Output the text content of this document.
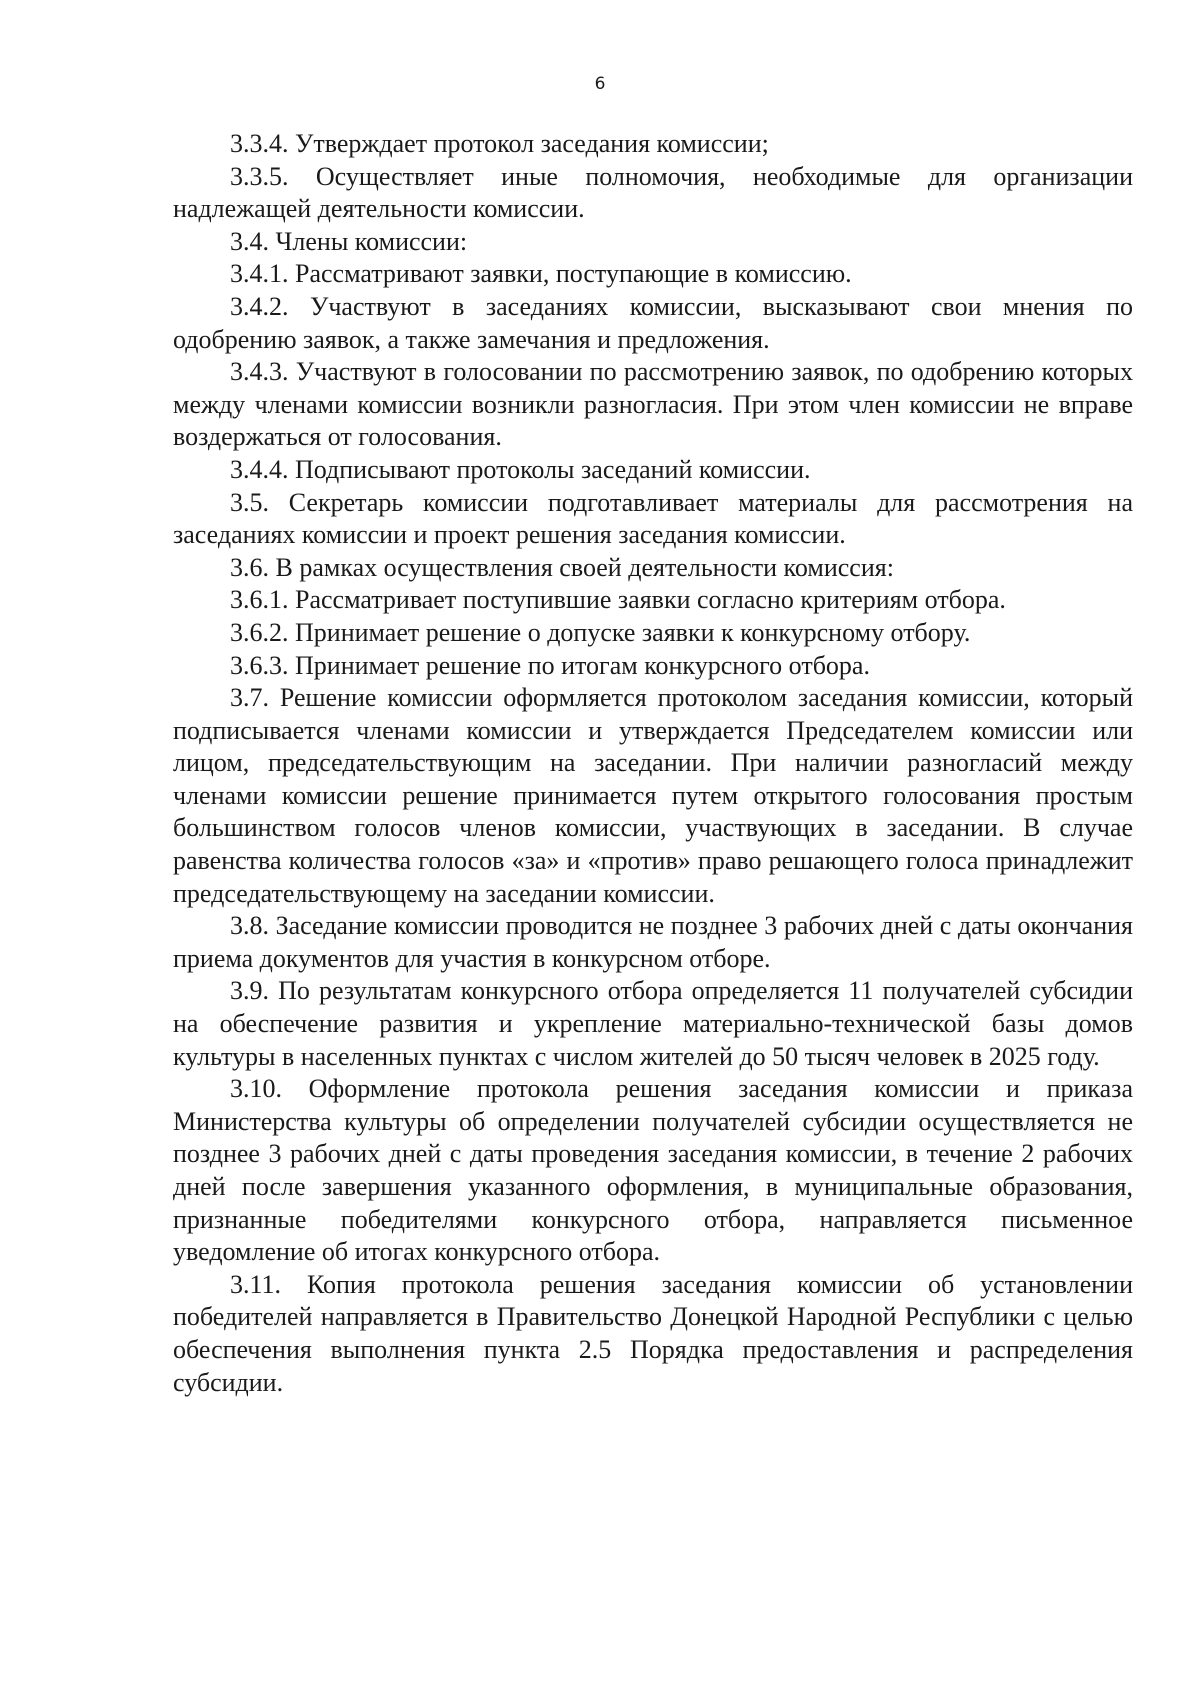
6

3.3.4. Утверждает протокол заседания комиссии;

3.3.5. Осуществляет иные полномочия, необходимые для организации надлежащей деятельности комиссии.

3.4. Члены комиссии:

3.4.1. Рассматривают заявки, поступающие в комиссию.

3.4.2. Участвуют в заседаниях комиссии, высказывают свои мнения по одобрению заявок, а также замечания и предложения.

3.4.3. Участвуют в голосовании по рассмотрению заявок, по одобрению которых между членами комиссии возникли разногласия. При этом член комиссии не вправе воздержаться от голосования.

3.4.4. Подписывают протоколы заседаний комиссии.

3.5. Секретарь комиссии подготавливает материалы для рассмотрения на заседаниях комиссии и проект решения заседания комиссии.

3.6. В рамках осуществления своей деятельности комиссия:

3.6.1. Рассматривает поступившие заявки согласно критериям отбора.

3.6.2. Принимает решение о допуске заявки к конкурсному отбору.

3.6.3. Принимает решение по итогам конкурсного отбора.

3.7. Решение комиссии оформляется протоколом заседания комиссии, который подписывается членами комиссии и утверждается Председателем комиссии или лицом, председательствующим на заседании. При наличии разногласий между членами комиссии решение принимается путем открытого голосования простым большинством голосов членов комиссии, участвующих в заседании. В случае равенства количества голосов «за» и «против» право решающего голоса принадлежит председательствующему на заседании комиссии.

3.8. Заседание комиссии проводится не позднее 3 рабочих дней с даты окончания приема документов для участия в конкурсном отборе.

3.9. По результатам конкурсного отбора определяется 11 получателей субсидии на обеспечение развития и укрепление материально-технической базы домов культуры в населенных пунктах с числом жителей до 50 тысяч человек в 2025 году.

3.10. Оформление протокола решения заседания комиссии и приказа Министерства культуры об определении получателей субсидии осуществляется не позднее 3 рабочих дней с даты проведения заседания комиссии, в течение 2 рабочих дней после завершения указанного оформления, в муниципальные образования, признанные победителями конкурсного отбора, направляется письменное уведомление об итогах конкурсного отбора.

3.11. Копия протокола решения заседания комиссии об установлении победителей направляется в Правительство Донецкой Народной Республики с целью обеспечения выполнения пункта 2.5 Порядка предоставления и распределения субсидии.
